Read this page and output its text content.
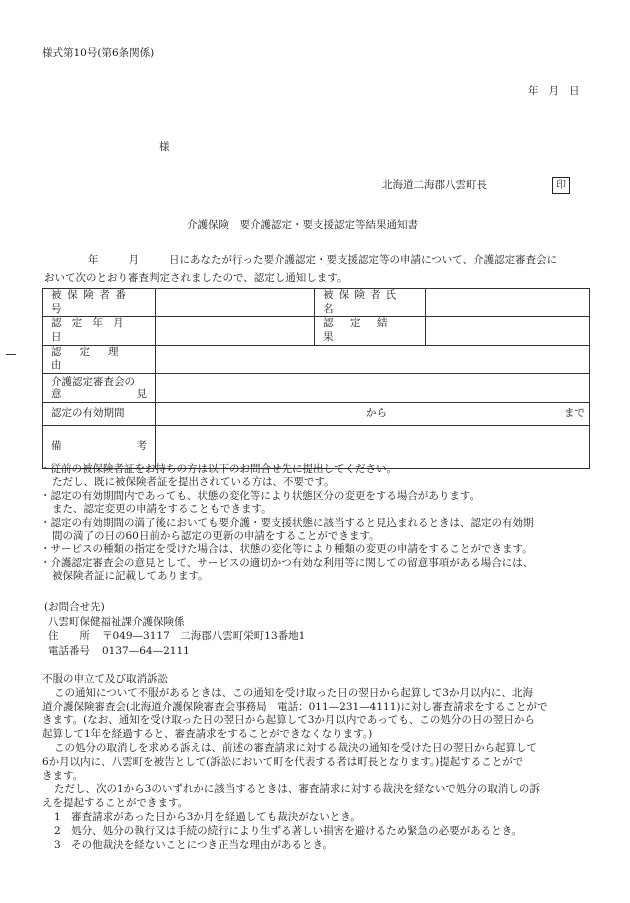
様式第10号(第6条関係)
年 月 日
様
北海道二海郡八雲町長	印
介護保険　要介護認定・要支援認定等結果通知書
年	月	日にあなたが行った要介護認定・要支援認定等の申請について、介護認定審査会に
おいて次のとおり審査判定されましたので、認定し通知します。
被保険者番号		被保険者氏名	
認定年月日		認定結果	
認定理由			

介護認定審査会の
意 見			

認定の有効期間	から まで		

備 考			

・従前の被保険者証をお持ちの方は以下のお問合せ先に提出してください。
ただし、既に被保険者証を提出されている方は、不要です。
・認定の有効期間内であっても、状態の変化等により状態区分の変更をする場合があります。
また、認定変更の申請をすることもできます。
・認定の有効期間の満了後においても要介護・要支援状態に該当すると見込まれるときは、認定の有効期
間の満了の日の60日前から認定の更新の申請をすることができます。
・サービスの種類の指定を受けた場合は、状態の変化等により種類の変更の申請をすることができます。
・介護認定審査会の意見として、サービスの適切かつ有効な利用等に関しての留意事項がある場合には、
被保険者証に記載してあります。
(お問合せ先)
八雲町保健福祉課介護保険係
住　　所 〒049—3117　二海郡八雲町栄町13番地1
電話番号 0137—64—2111
不服の申立て及び取消訴訟
この通知について不服があるときは、この通知を受け取った日の翌日から起算して3か月以内に、北海
道介護保険審査会(北海道介護保険審査会事務局　電話：011—231—4111)に対し審査請求をすることがで
きます。(なお、通知を受け取った日の翌日から起算して3か月以内であっても、この処分の日の翌日から
起算して1年を経過すると、審査請求をすることができなくなります。)
この処分の取消しを求める訴えは、前述の審査請求に対する裁決の通知を受けた日の翌日から起算して
6か月以内に、八雲町を被告として(訴訟において町を代表する者は町長となります。)提起することがで
きます。
ただし、次の1から3のいずれかに該当するときは、審査請求に対する裁決を経ないで処分の取消しの訴
えを提起することができます。
1　審査請求があった日から3か月を経過しても裁決がないとき。
2　処分、処分の執行又は手続の続行により生ずる著しい損害を避けるため緊急の必要があるとき。
3　その他裁決を経ないことにつき正当な理由があるとき。
